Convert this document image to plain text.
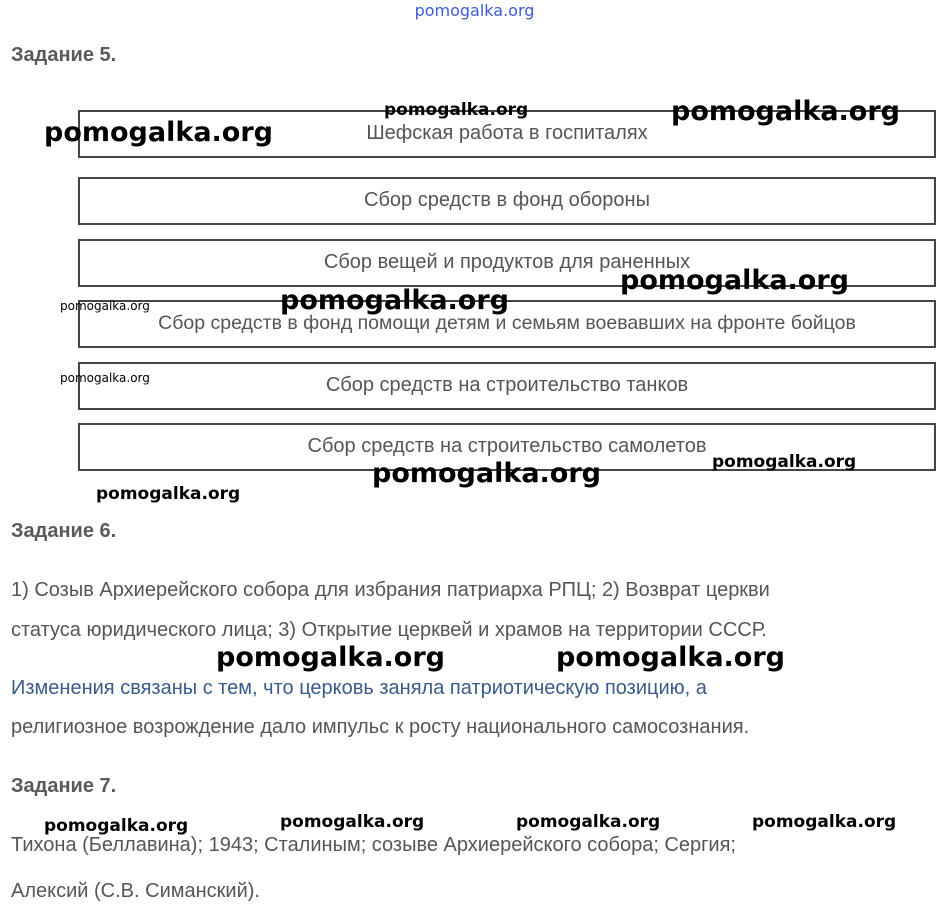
pomogalka.org
Задание 5.
Шефская работа в госпиталях
Сбор средств в фонд обороны
Сбор вещей и продуктов для раненных
Сбор средств в фонд помощи детям и семьям воевавших на фронте бойцов
Сбор средств на строительство танков
Сбор средств на строительство самолетов
Задание 6.
1) Созыв Архиерейского собора для избрания патриарха РПЦ; 2) Возврат церкви
статуса юридического лица; 3) Открытие церквей и храмов на территории СССР.
Изменения связаны с тем, что церковь заняла патриотическую позицию, а
религиозное возрождение дало импульс к росту национального самосознания.
Задание 7.
Тихона (Беллавина); 1943; Сталиным; созыве Архиерейского собора; Сергия;
Алексий (С.В. Симанский).
pomogalka.org
pomogalka.org
pomogalka.org
pomogalka.org
pomogalka.org
pomogalka.org
pomogalka.org
pomogalka.org	pomogalka.org
pomogalka.org
pomogalka.org	pomogalka.org
pomogalka.org	pomogalka.org	pomogalka.org	pomogalka.org
